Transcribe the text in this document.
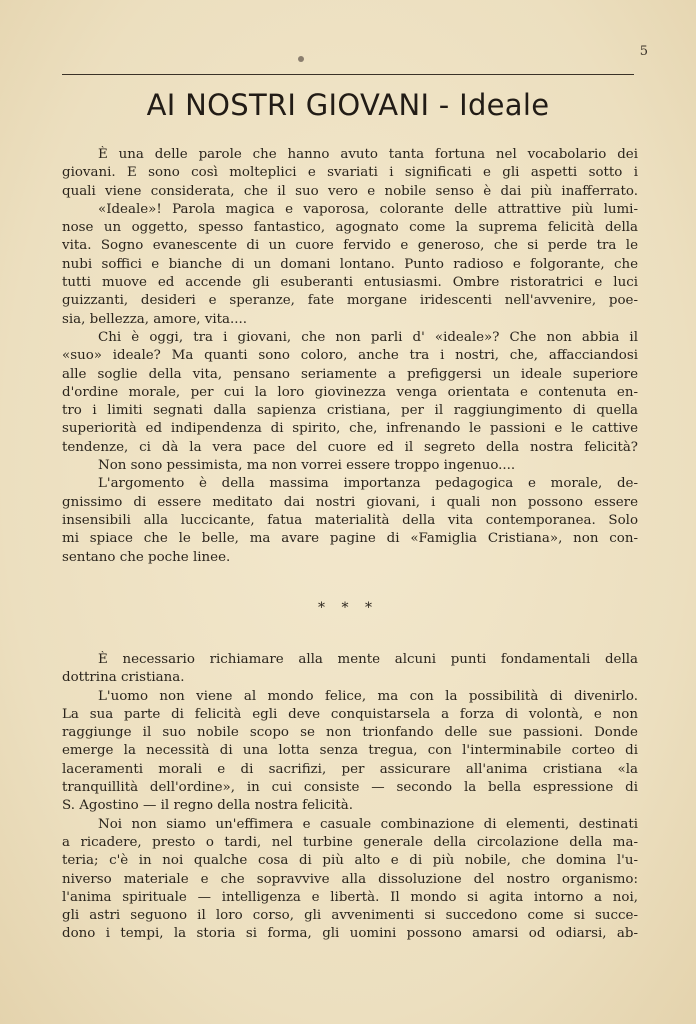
5
AI NOSTRI GIOVANI - Ideale
È una delle parole che hanno avuto tanta fortuna nel vocabolario dei
giovani. E sono così molteplici e svariati i significati e gli aspetti sotto i
quali viene considerata, che il suo vero e nobile senso è dai più inafferrato.
«Ideale»! Parola magica e vaporosa, colorante delle attrattive più lumi-
nose un oggetto, spesso fantastico, agognato come la suprema felicità della
vita. Sogno evanescente di un cuore fervido e generoso, che si perde tra le
nubi soffici e bianche di un domani lontano. Punto radioso e folgorante, che
tutti muove ed accende gli esuberanti entusiasmi. Ombre ristoratrici e luci
guizzanti, desideri e speranze, fate morgane iridescenti nell'avvenire, poe-
sia, bellezza, amore, vita....
Chi è oggi, tra i giovani, che non parli d' «ideale»? Che non abbia il
«suo» ideale? Ma quanti sono coloro, anche tra i nostri, che, affacciandosi
alle soglie della vita, pensano seriamente a prefiggersi un ideale superiore
d'ordine morale, per cui la loro giovinezza venga orientata e contenuta en-
tro i limiti segnati dalla sapienza cristiana, per il raggiungimento di quella
superiorità ed indipendenza di spirito, che, infrenando le passioni e le cattive
tendenze, ci dà la vera pace del cuore ed il segreto della nostra felicità?
Non sono pessimista, ma non vorrei essere troppo ingenuo....
L'argomento è della massima importanza pedagogica e morale, de-
gnissimo di essere meditato dai nostri giovani, i quali non possono essere
insensibili alla luccicante, fatua materialità della vita contemporanea. Solo
mi spiace che le belle, ma avare pagine di «Famiglia Cristiana», non con-
sentano che poche linee.
* * *
È necessario richiamare alla mente alcuni punti fondamentali della
dottrina cristiana.
L'uomo non viene al mondo felice, ma con la possibilità di divenirlo.
La sua parte di felicità egli deve conquistarsela a forza di volontà, e non
raggiunge il suo nobile scopo se non trionfando delle sue passioni. Donde
emerge la necessità di una lotta senza tregua, con l'interminabile corteo di
laceramenti morali e di sacrifizi, per assicurare all'anima cristiana «la
tranquillità dell'ordine», in cui consiste — secondo la bella espressione di
S. Agostino — il regno della nostra felicità.
Noi non siamo un'effimera e casuale combinazione di elementi, destinati
a ricadere, presto o tardi, nel turbine generale della circolazione della ma-
teria; c'è in noi qualche cosa di più alto e di più nobile, che domina l'u-
niverso materiale e che sopravvive alla dissoluzione del nostro organismo:
l'anima spirituale — intelligenza e libertà. Il mondo si agita intorno a noi,
gli astri seguono il loro corso, gli avvenimenti si succedono come si succe-
dono i tempi, la storia si forma, gli uomini possono amarsi od odiarsi, ab-
